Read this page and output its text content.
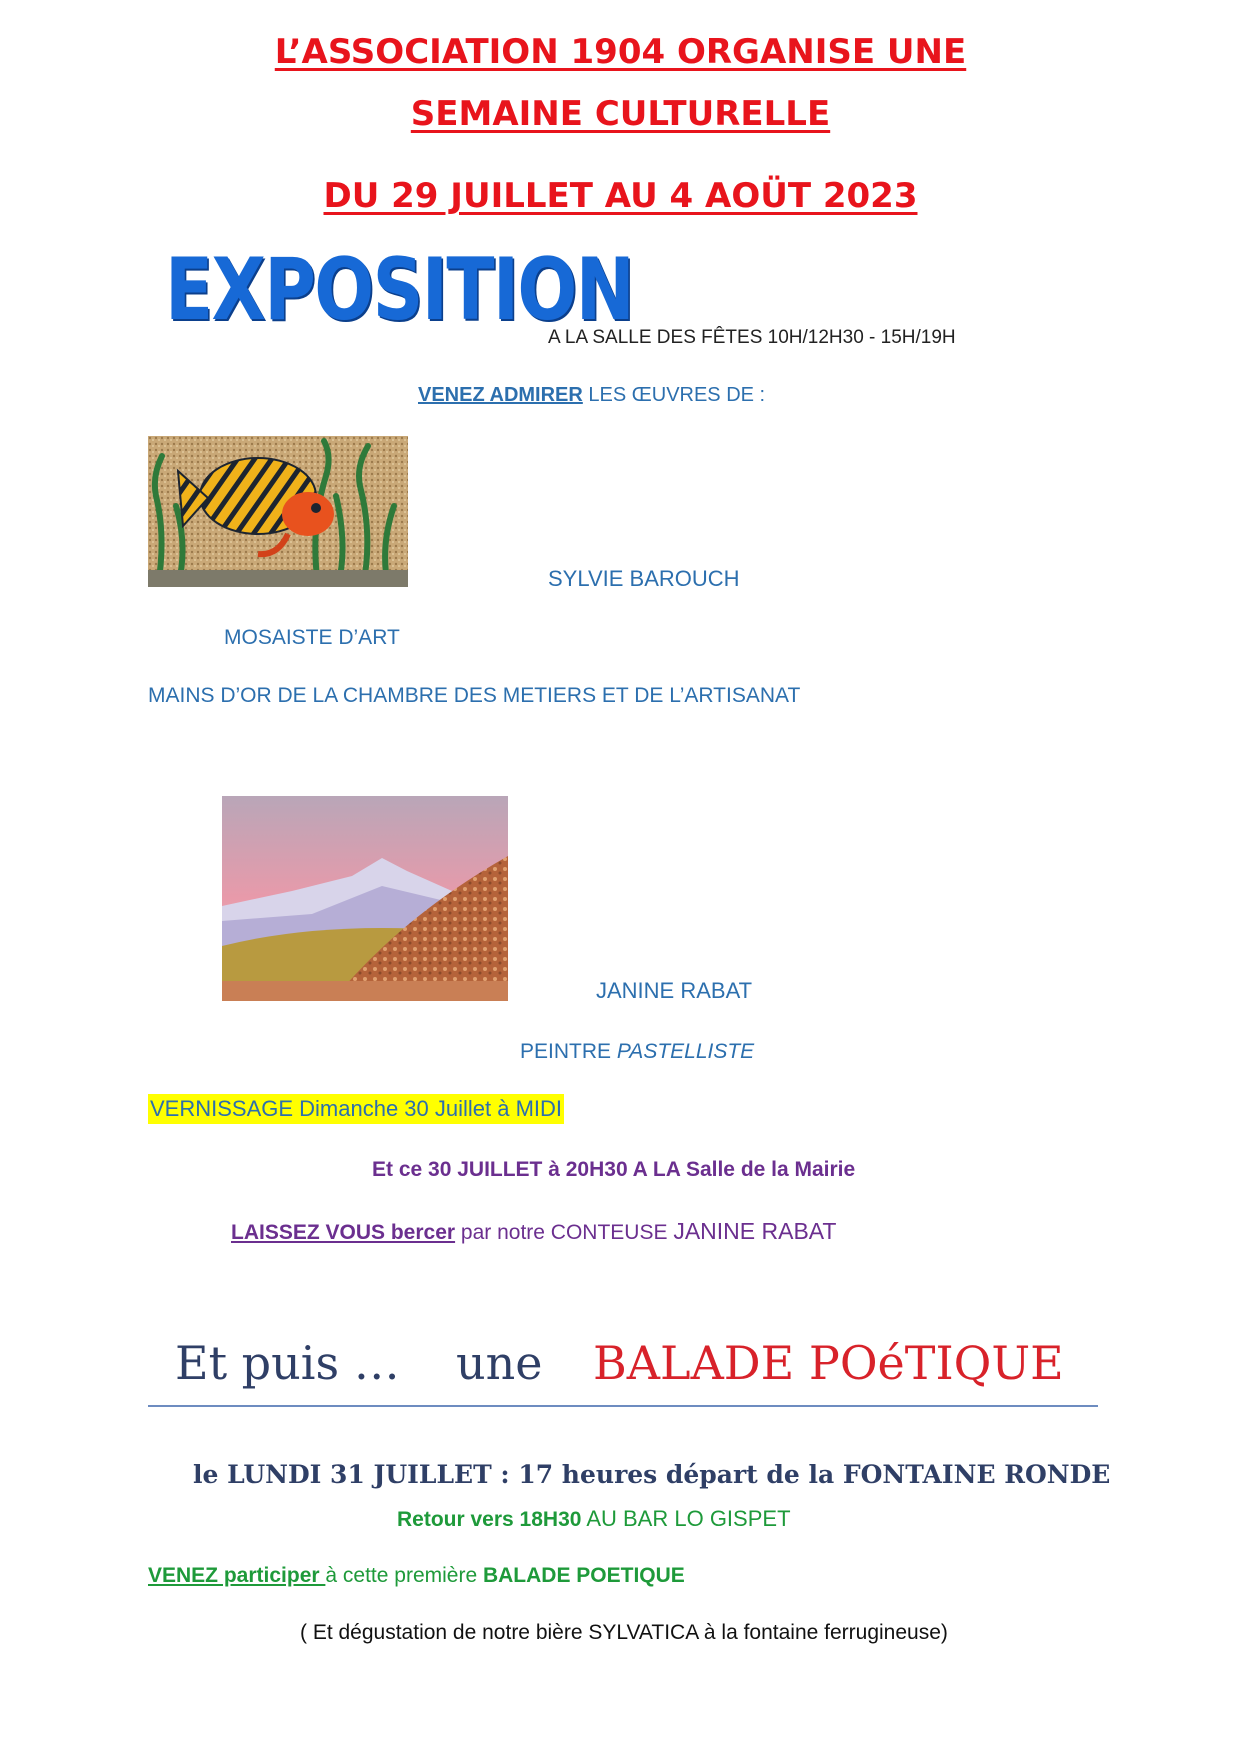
L’ASSOCIATION 1904 ORGANISE UNE
SEMAINE CULTURELLE
DU 29 JUILLET AU 4 AOÜT 2023
EXPOSITION
A LA SALLE DES FÊTES 10H/12H30 - 15H/19H
VENEZ ADMIRER LES ŒUVRES DE :
SYLVIE BAROUCH
MOSAISTE D’ART
MAINS D’OR DE LA CHAMBRE DES METIERS ET DE L’ARTISANAT
JANINE RABAT
PEINTRE PASTELLISTE
VERNISSAGE Dimanche 30 Juillet à MIDI
Et ce 30 JUILLET à 20H30 A LA Salle de la Mairie
LAISSEZ VOUS bercer par notre CONTEUSE JANINE RABAT
Et puis … une BALADE POéTIQUE
le LUNDI 31 JUILLET : 17 heures départ de la FONTAINE RONDE
Retour vers 18H30 AU BAR LO GISPET
VENEZ participer à cette première BALADE POETIQUE
( Et dégustation de notre bière SYLVATICA à la fontaine ferrugineuse)
